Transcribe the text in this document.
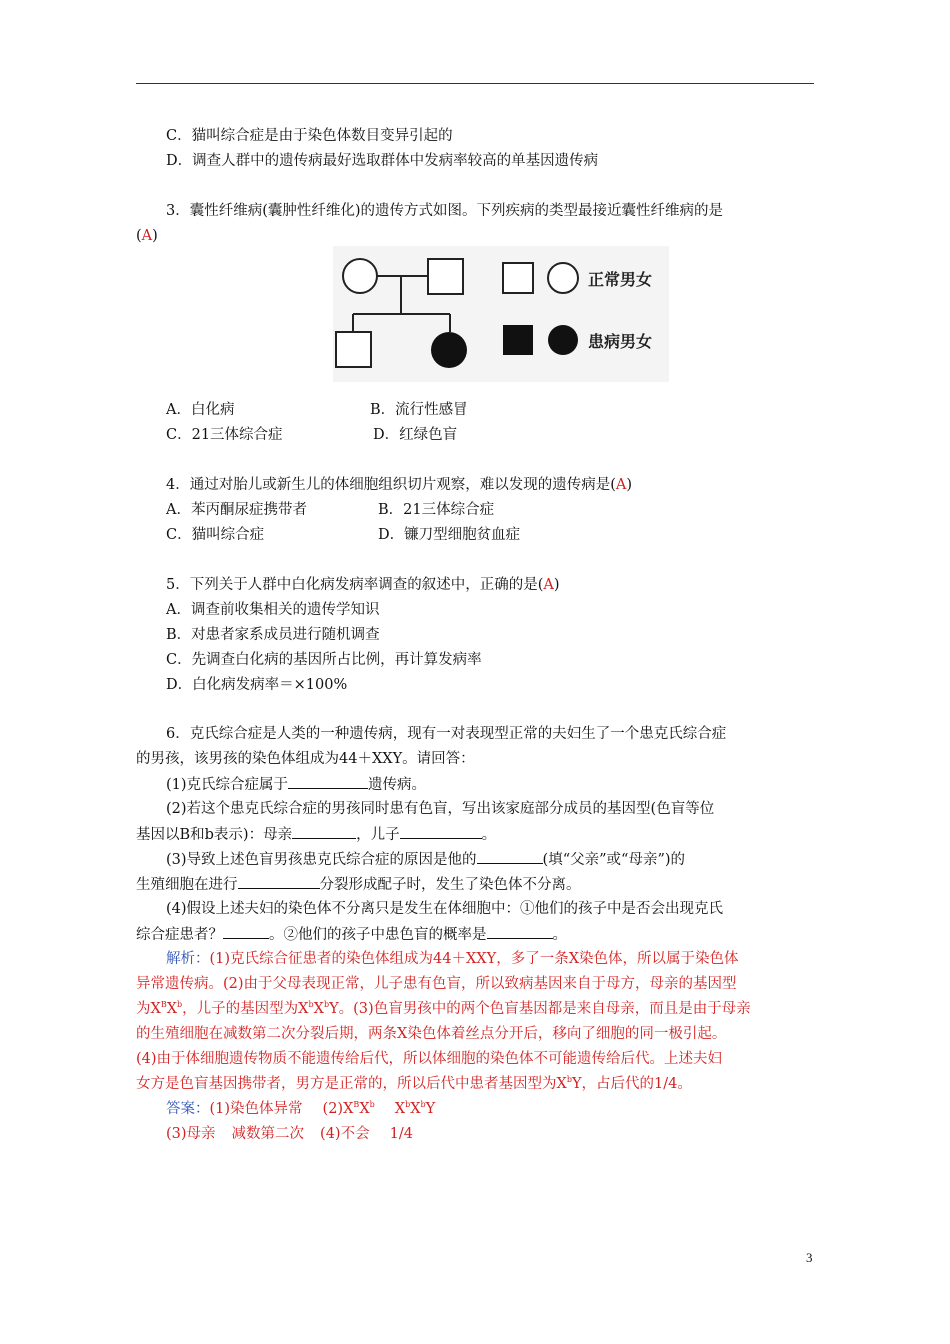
C．猫叫综合症是由于染色体数目变异引起的
D．调查人群中的遗传病最好选取群体中发病率较高的单基因遗传病
3．囊性纤维病(囊肿性纤维化)的遗传方式如图。下列疾病的类型最接近囊性纤维病的是
(A)
正常男女
患病男女
A．白化病	B．流行性感冒
C．21三体综合症	D．红绿色盲
4．通过对胎儿或新生儿的体细胞组织切片观察，难以发现的遗传病是(A)
A．苯丙酮尿症携带者	B．21三体综合症
C．猫叫综合症	D．镰刀型细胞贫血症
5．下列关于人群中白化病发病率调查的叙述中，正确的是(A)
A．调查前收集相关的遗传学知识
B．对患者家系成员进行随机调查
C．先调查白化病的基因所占比例，再计算发病率
D．白化病发病率＝×100%
6．克氏综合症是人类的一种遗传病，现有一对表现型正常的夫妇生了一个患克氏综合症
的男孩，该男孩的染色体组成为44＋XXY。请回答：
(1)克氏综合症属于	遗传病。
(2)若这个患克氏综合症的男孩同时患有色盲，写出该家庭部分成员的基因型(色盲等位
基因以B和b表示)：母亲	，儿子	。
(3)导致上述色盲男孩患克氏综合症的原因是他的	(填“父亲”或“母亲”)的
生殖细胞在进行	分裂形成配子时，发生了染色体不分离。
(4)假设上述夫妇的染色体不分离只是发生在体细胞中：①他们的孩子中是否会出现克氏
综合症患者？	。②他们的孩子中患色盲的概率是	。
解析：(1)克氏综合征患者的染色体组成为44＋XXY，多了一条X染色体，所以属于染色体
异常遗传病。(2)由于父母表现正常，儿子患有色盲，所以致病基因来自于母方，母亲的基因型
为$X^BX^b$，儿子的基因型为$X^bX^bY$。(3)色盲男孩中的两个色盲基因都是来自母亲，而且是由于母亲
的生殖细胞在减数第二次分裂后期，两条X染色体着丝点分开后，移向了细胞的同一极引起。
(4)由于体细胞遗传物质不能遗传给后代，所以体细胞的染色体不可能遗传给后代。上述夫妇
女方是色盲基因携带者，男方是正常的，所以后代中患者基因型为$X^bY$，占后代的1/4。
答案：(1)染色体异常 $(2)X^BX^b$ $X^bX^bY$
(3)母亲 减数第二次 (4)不会 1/4
3
